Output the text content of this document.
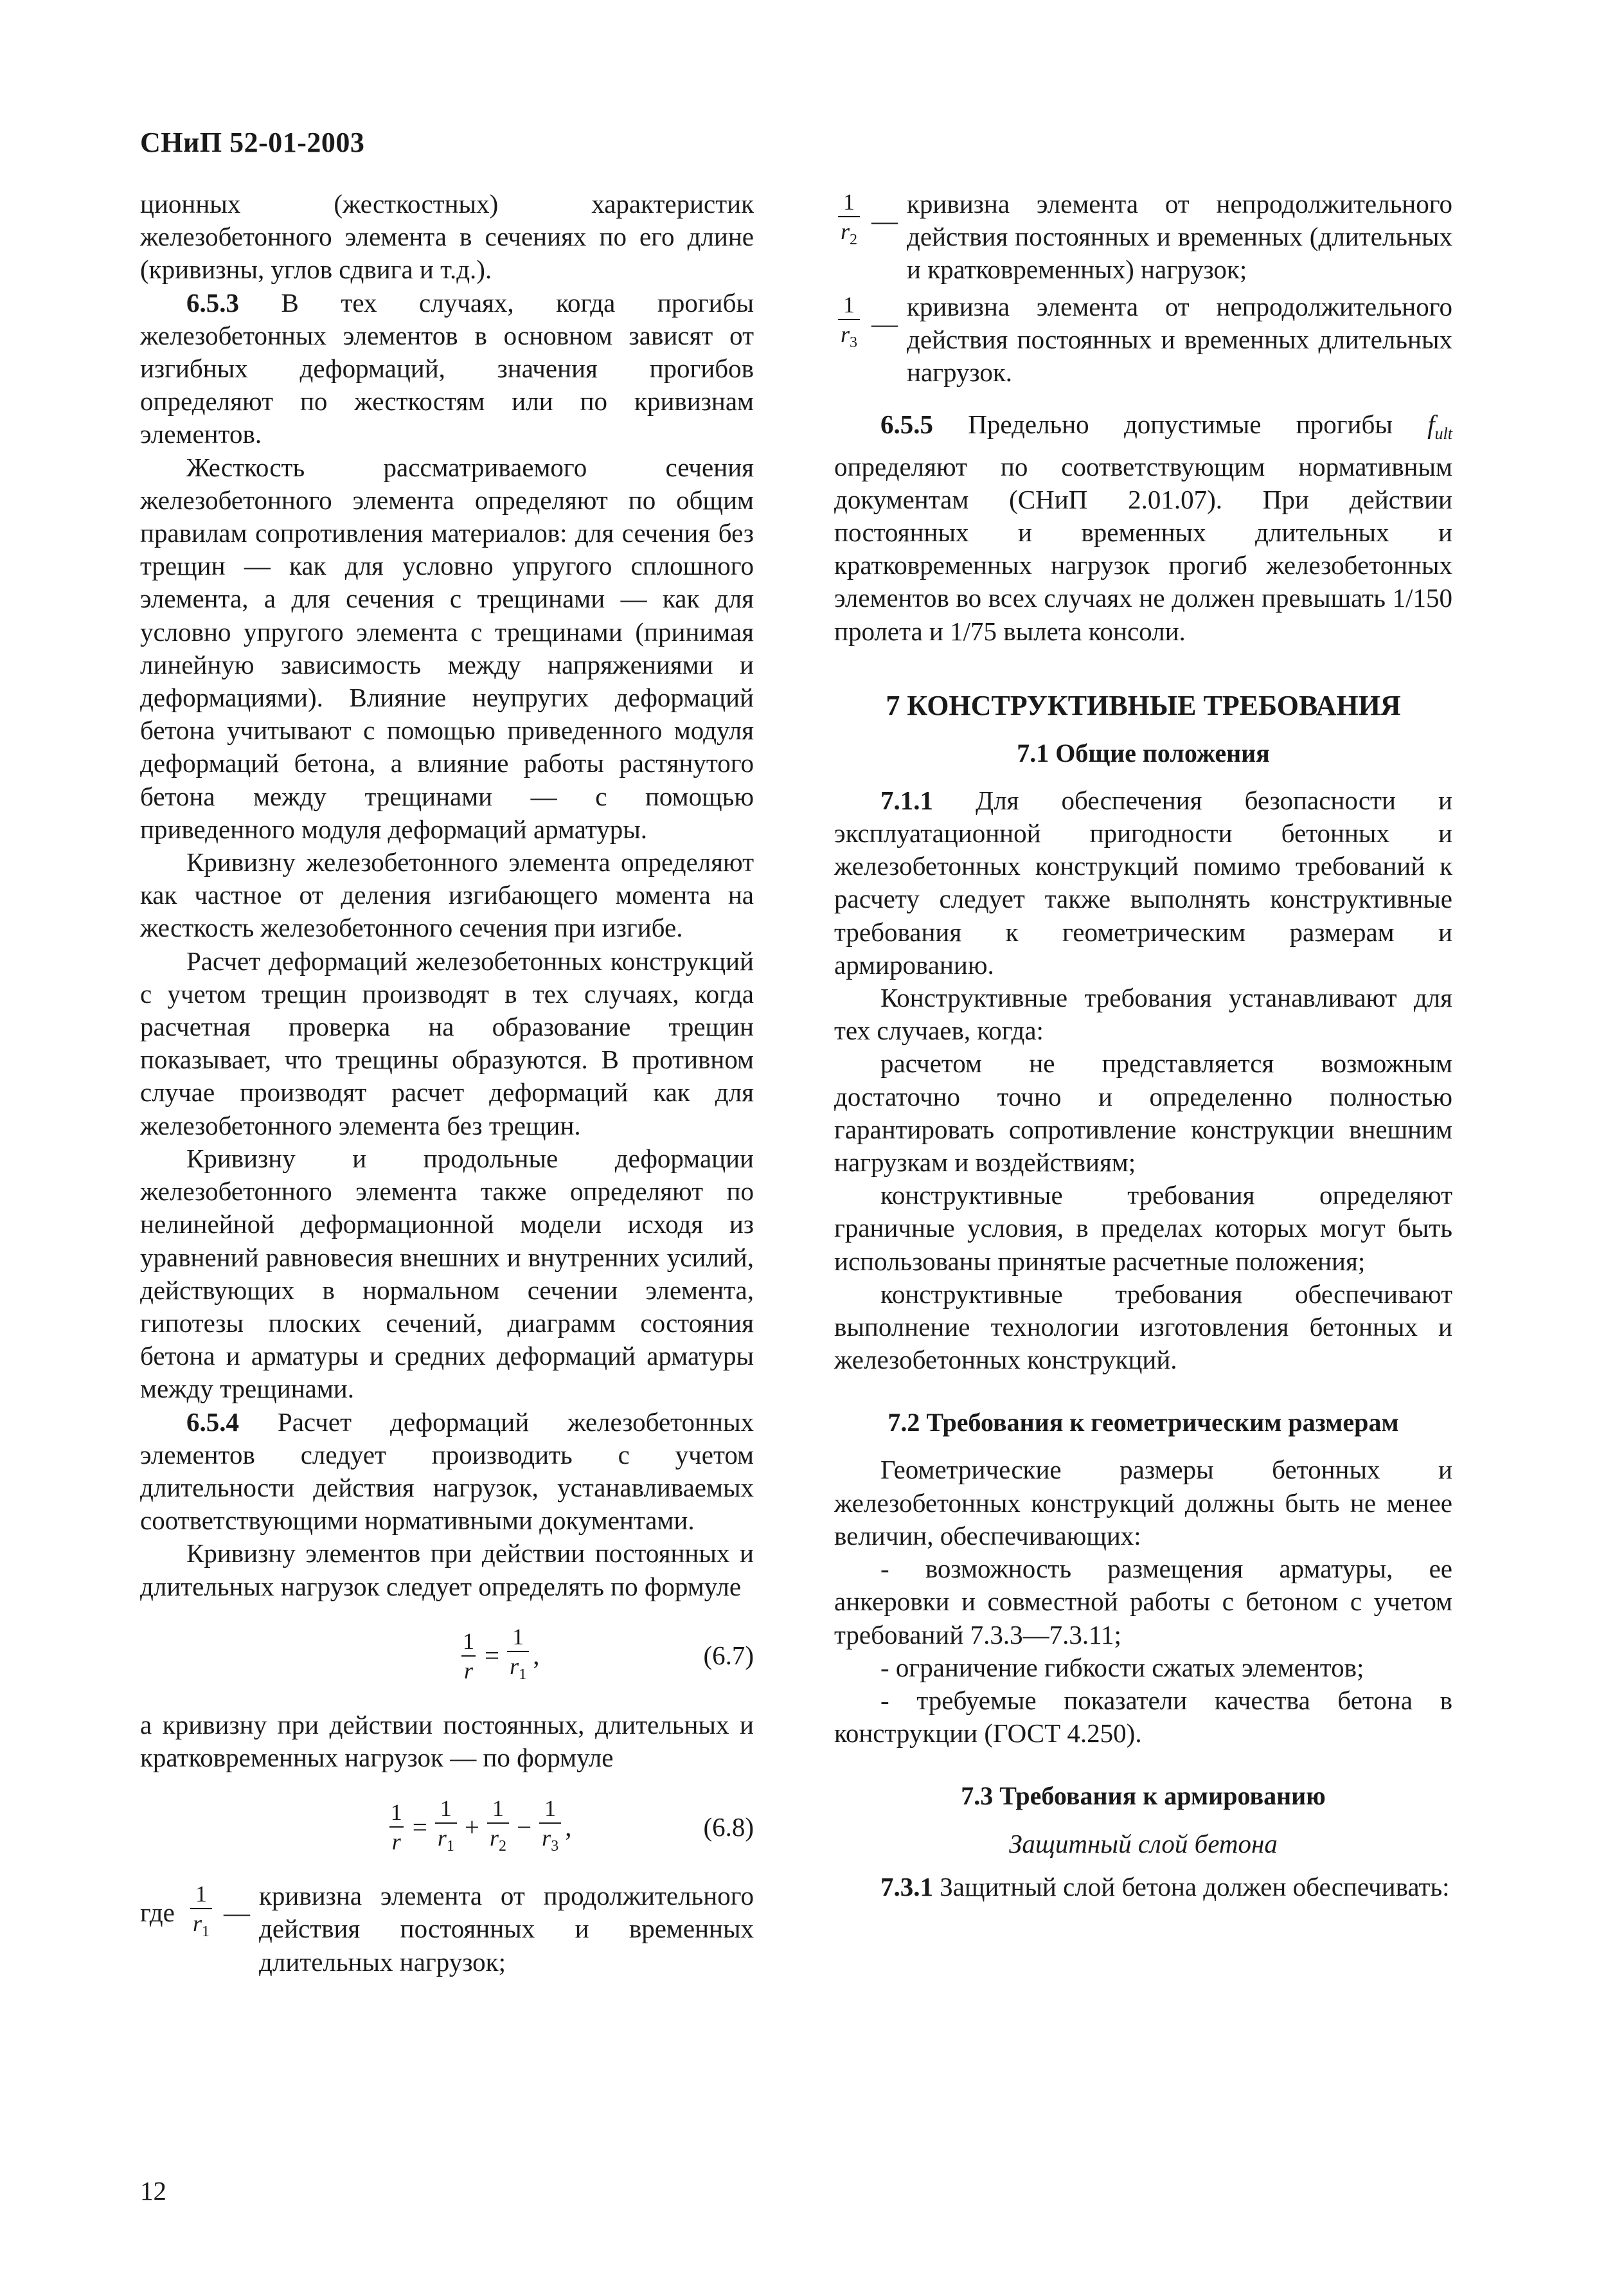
СНиП 52-01-2003

ционных (жесткостных) характеристик железобетонного элемента в сечениях по его длине (кривизны, углов сдвига и т.д.).

6.5.3 В тех случаях, когда прогибы железобетонных элементов в основном зависят от изгибных деформаций, значения прогибов определяют по жесткостям или по кривизнам элементов.

Жесткость рассматриваемого сечения железобетонного элемента определяют по общим правилам сопротивления материалов: для сечения без трещин — как для условно упругого сплошного элемента, а для сечения с трещинами — как для условно упругого элемента с трещинами (принимая линейную зависимость между напряжениями и деформациями). Влияние неупругих деформаций бетона учитывают с помощью приведенного модуля деформаций бетона, а влияние работы растянутого бетона между трещинами — с помощью приведенного модуля деформаций арматуры.

Кривизну железобетонного элемента определяют как частное от деления изгибающего момента на жесткость железобетонного сечения при изгибе.

Расчет деформаций железобетонных конструкций с учетом трещин производят в тех случаях, когда расчетная проверка на образование трещин показывает, что трещины образуются. В противном случае производят расчет деформаций как для железобетонного элемента без трещин.

Кривизну и продольные деформации железобетонного элемента также определяют по нелинейной деформационной модели исходя из уравнений равновесия внешних и внутренних усилий, действующих в нормальном сечении элемента, гипотезы плоских сечений, диаграмм состояния бетона и арматуры и средних деформаций арматуры между трещинами.

6.5.4 Расчет деформаций железобетонных элементов следует производить с учетом длительности действия нагрузок, устанавливаемых соответствующими нормативными документами.

Кривизну элементов при действии постоянных и длительных нагрузок следует определять по формуле

$\frac{1}{r} = \frac{1}{r_1}$ ,	(6.7)

а кривизну при действии постоянных, длительных и кратковременных нагрузок — по формуле

$\frac{1}{r} = \frac{1}{r_1} + \frac{1}{r_2} - \frac{1}{r_3}$ ,	(6.8)
где $\frac{1}{r_1}$ —
кривизна элемента от продолжительного действия постоянных и временных длительных нагрузок;
$\frac{1}{r_2}$ —
кривизна элемента от непродолжительного действия постоянных и временных (длительных и кратковременных) нагрузок;
$\frac{1}{r_3}$ —
кривизна элемента от непродолжительного действия постоянных и временных длительных нагрузок.

6.5.5 Предельно допустимые прогибы $f_{ult}$ определяют по соответствующим нормативным документам (СНиП 2.01.07). При действии постоянных и временных длительных и кратковременных нагрузок прогиб железобетонных элементов во всех случаях не должен превышать 1/150 пролета и 1/75 вылета консоли.

7 КОНСТРУКТИВНЫЕ ТРЕБОВАНИЯ
7.1 Общие положения

7.1.1 Для обеспечения безопасности и эксплуатационной пригодности бетонных и железобетонных конструкций помимо требований к расчету следует также выполнять конструктивные требования к геометрическим размерам и армированию.

Конструктивные требования устанавливают для тех случаев, когда:

расчетом не представляется возможным достаточно точно и определенно полностью гарантировать сопротивление конструкции внешним нагрузкам и воздействиям;

конструктивные требования определяют граничные условия, в пределах которых могут быть использованы принятые расчетные положения;

конструктивные требования обеспечивают выполнение технологии изготовления бетонных и железобетонных конструкций.

7.2 Требования к геометрическим размерам

Геометрические размеры бетонных и железобетонных конструкций должны быть не менее величин, обеспечивающих:

- возможность размещения арматуры, ее анкеровки и совместной работы с бетоном с учетом требований 7.3.3—7.3.11;

- ограничение гибкости сжатых элементов;

- требуемые показатели качества бетона в конструкции (ГОСТ 4.250).

7.3 Требования к армированию
Защитный слой бетона

7.3.1 Защитный слой бетона должен обеспечивать:

12
